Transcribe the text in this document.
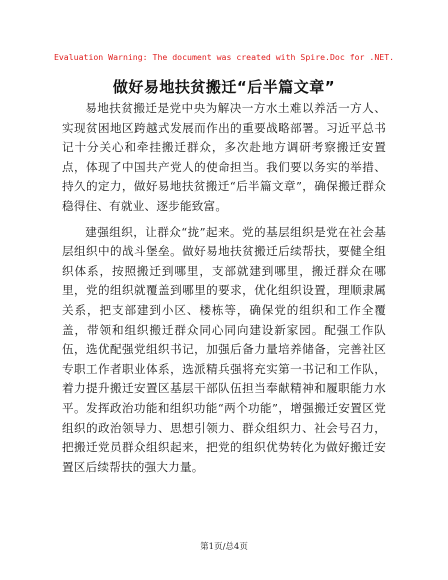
Evaluation Warning: The document was created with Spire.Doc for .NET.
做好易地扶贫搬迁“后半篇文章”

易地扶贫搬迁是党中央为解决一方水土难以养活一方人、实现贫困地区跨越式发展而作出的重要战略部署。习近平总书记十分关心和牵挂搬迁群众，多次赴地方调研考察搬迁安置点，体现了中国共产党人的使命担当。我们要以务实的举措、持久的定力，做好易地扶贫搬迁“后半篇文章”，确保搬迁群众稳得住、有就业、逐步能致富。

建强组织，让群众“拢”起来。党的基层组织是党在社会基层组织中的战斗堡垒。做好易地扶贫搬迁后续帮扶，要健全组织体系，按照搬迁到哪里，支部就建到哪里，搬迁群众在哪里，党的组织就覆盖到哪里的要求，优化组织设置，理顺隶属关系，把支部建到小区、楼栋等，确保党的组织和工作全覆盖，带领和组织搬迁群众同心同向建设新家园。配强工作队伍，选优配强党组织书记，加强后备力量培养储备，完善社区专职工作者职业体系，选派精兵强将充实第一书记和工作队，着力提升搬迁安置区基层干部队伍担当奉献精神和履职能力水平。发挥政治功能和组织功能“两个功能”，增强搬迁安置区党组织的政治领导力、思想引领力、群众组织力、社会号召力，把搬迁党员群众组织起来，把党的组织优势转化为做好搬迁安置区后续帮扶的强大力量。

第1页/总4页
